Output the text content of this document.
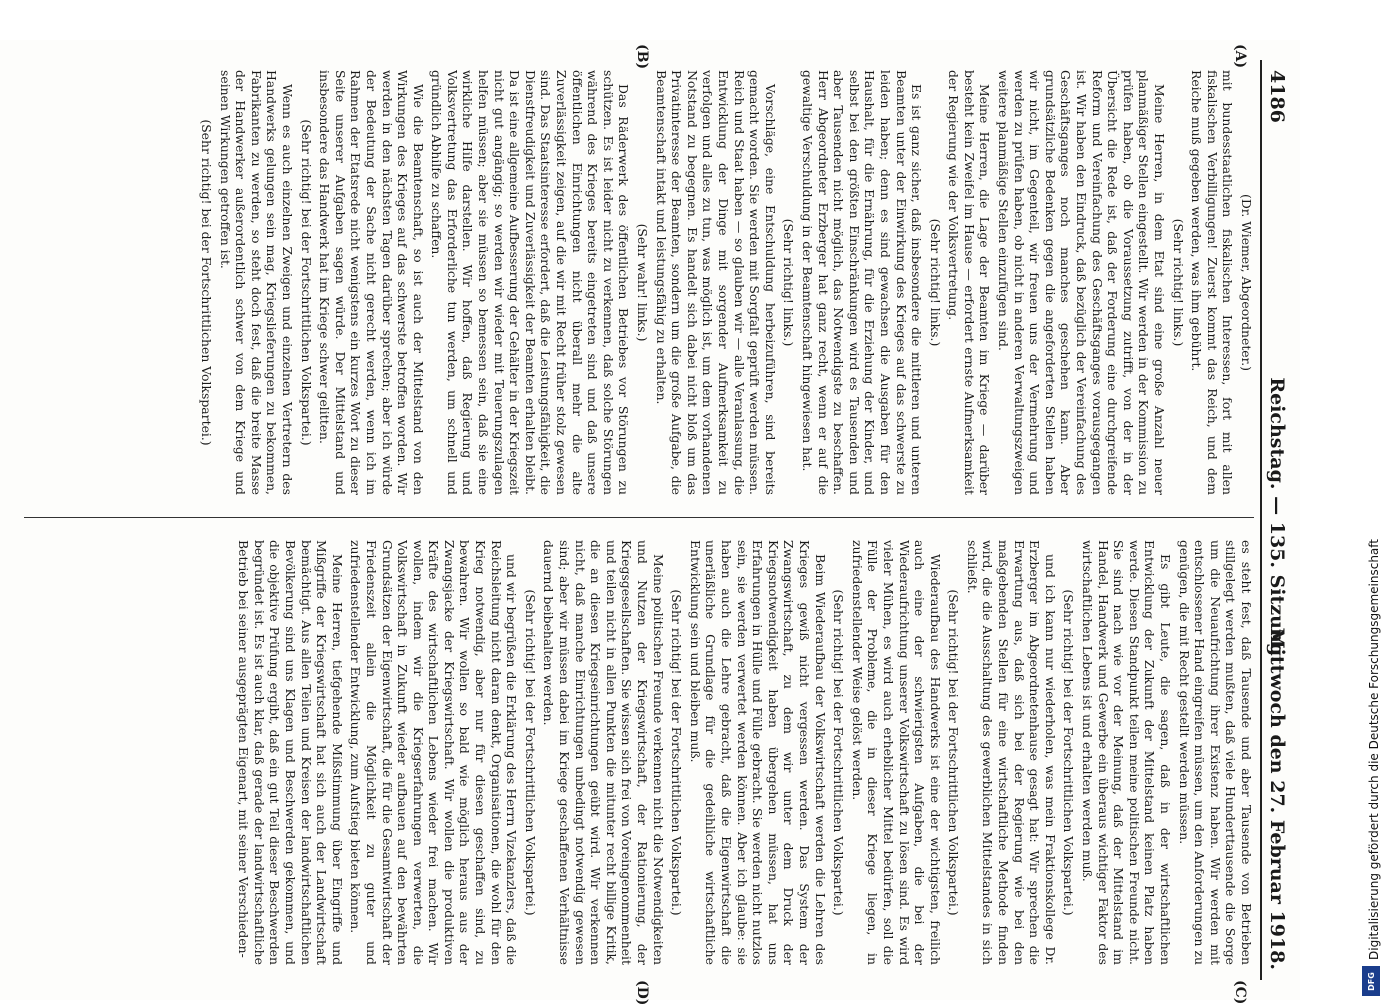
4186
Reichstag. — 135. Sitzung.
Mittwoch den 27. Februar 1918.
(A)
(B)
(C)
(D)

(Dr. Wiemer, Abgeordneter.)

mit bundesstaatlichen fiskalischen Interessen, fort mit allen fiskalischen Verbilligungen! Zuerst kommt das Reich, und dem Reiche muß gegeben werden, was ihm gebührt.

(Sehr richtig! links.)

Meine Herren, in dem Etat sind eine große Anzahl neuer planmäßiger Stellen eingestellt. Wir werden in der Kommission zu prüfen haben, ob die Voraussetzung zutrifft, von der in der Übersicht die Rede ist, daß der Forderung eine durchgreifende Reform und Vereinfachung des Geschäftsganges vorausgegangen ist. Wir haben den Eindruck, daß bezüglich der Vereinfachung des Geschäftsganges noch manches geschehen kann. Aber grundsätzliche Bedenken gegen die angeforderten Stellen haben wir nicht, im Gegenteil, wir freuen uns der Vermehrung und werden zu prüfen haben, ob nicht in anderen Verwaltungszweigen weitere planmäßige Stellen einzufügen sind.

Meine Herren, die Lage der Beamten im Kriege — darüber besteht kein Zweifel im Hause — erfordert ernste Aufmerksamkeit der Regierung wie der Volksvertretung.

(Sehr richtig! links.)

Es ist ganz sicher, daß insbesondere die mittleren und unteren Beamten unter der Einwirkung des Krieges auf das schwerste zu leiden haben; denn es sind gewachsen die Ausgaben für den Haushalt, für die Ernährung, für die Erziehung der Kinder, und selbst bei den größten Einschränkungen wird es Tausenden und aber Tausenden nicht möglich, das Notwendigste zu beschaffen. Herr Abgeordneter Erzberger hat ganz recht, wenn er auf die gewaltige Verschuldung in der Beamtenschaft hingewiesen hat.

(Sehr richtig! links.)

Vorschläge, eine Entschuldung herbeizuführen, sind bereits gemacht worden. Sie werden mit Sorgfalt geprüft werden müssen. Reich und Staat haben — so glauben wir — alle Veranlassung, die Entwicklung der Dinge mit sorgender Aufmerksamkeit zu verfolgen und alles zu tun, was möglich ist, um dem vorhandenen Notstand zu begegnen. Es handelt sich dabei nicht bloß um das Privatinteresse der Beamten, sondern um die große Aufgabe, die Beamtenschaft intakt und leistungsfähig zu erhalten.

(Sehr wahr! links.)

Das Räderwerk des öffentlichen Betriebes vor Störungen zu schützen. Es ist leider nicht zu verkennen, daß solche Störungen während des Krieges bereits eingetreten sind und daß unsere öffentlichen Einrichtungen nicht überall mehr die alte Zuverlässigkeit zeigen, auf die wir mit Recht früher stolz gewesen sind. Das Staatsinteresse erfordert, daß die Leistungsfähigkeit, die Dienstfreudigkeit und Zuverlässigkeit der Beamten erhalten bleibt. Da ist eine allgemeine Aufbesserung der Gehälter in der Kriegszeit nicht gut angängig; so werden wir wieder mit Teuerungszulagen helfen müssen; aber sie müssen so bemessen sein, daß sie eine wirkliche Hilfe darstellen. Wir hoffen, daß Regierung und Volksvertretung das Erforderliche tun werden, um schnell und gründlich Abhilfe zu schaffen.

Wie die Beamtenschaft, so ist auch der Mittelstand von den Wirkungen des Krieges auf das schwerste betroffen worden. Wir werden in den nächsten Tagen darüber sprechen; aber ich würde der Bedeutung der Sache nicht gerecht werden, wenn ich im Rahmen der Etatsrede nicht wenigstens ein kurzes Wort zu dieser Seite unserer Aufgaben sagen würde. Der Mittelstand und insbesondere das Handwerk hat im Kriege schwer gelitten.

(Sehr richtig! bei der Fortschrittlichen Volkspartei.)

Wenn es auch einzelnen Zweigen und einzelnen Vertretern des Handwerks gelungen sein mag, Kriegslieferungen zu bekommen, Fabrikanten zu werden, so steht doch fest, daß die breite Masse der Handwerker außerordentlich schwer von dem Kriege und seinen Wirkungen getroffen ist.

(Sehr richtig! bei der Fortschrittlichen Volkspartei.)

es steht fest, daß Tausende und aber Tausende von Betrieben stillgelegt werden mußten, daß viele Hunderttausende die Sorge um die Neuaufrichtung ihrer Existenz haben. Wir werden mit entschlossener Hand eingreifen müssen, um den Anforderungen zu genügen, die mit Recht gestellt werden müssen.

Es gibt Leute, die sagen, daß in der wirtschaftlichen Entwicklung der Zukunft der Mittelstand keinen Platz haben werde. Diesen Standpunkt teilen meine politischen Freunde nicht. Sie sind nach wie vor der Meinung, daß der Mittelstand im Handel, Handwerk und Gewerbe ein überaus wichtiger Faktor des wirtschaftlichen Lebens ist und erhalten werden muß.

(Sehr richtig! bei der Fortschrittlichen Volkspartei.)

und ich kann nur wiederholen, was mein Fraktionskollege Dr. Erzberger im Abgeordnetenhause gesagt hat: Wir sprechen die Erwartung aus, daß sich bei der Regierung wie bei den maßgebenden Stellen für eine wirtschaftliche Methode finden wird, die die Ausschaltung des gewerblichen Mittelstandes in sich schließt.

(Sehr richtig! bei der Fortschrittlichen Volkspartei.)

Wiederaufbau des Handwerks ist eine der wichtigsten, freilich auch eine der schwierigsten Aufgaben, die bei der Wiederaufrichtung unserer Volkswirtschaft zu lösen sind. Es wird vieler Mühen, es wird auch erheblicher Mittel bedürfen, soll die Fülle der Probleme, die in dieser Kriege liegen, in zufriedenstellender Weise gelöst werden.

(Sehr richtig! bei der Fortschrittlichen Volkspartei.)

Beim Wiederaufbau der Volkswirtschaft werden die Lehren des Krieges gewiß nicht vergessen werden. Das System der Zwangswirtschaft, zu dem wir unter dem Druck der Kriegsnotwendigkeit haben übergehen müssen, hat uns Erfahrungen in Hülle und Fülle gebracht. Sie werden nicht nutzlos sein, sie werden verwertet werden können. Aber ich glaube: sie haben auch die Lehre gebracht, daß die Eigenwirtschaft die unerläßliche Grundlage für die gedeihliche wirtschaftliche Entwicklung sein und bleiben muß.

(Sehr richtig! bei der Fortschrittlichen Volkspartei.)

Meine politischen Freunde verkennen nicht die Notwendigkeiten und Nutzen der Kriegswirtschaft, der Rationierung, der Kriegsgesellschaften. Sie wissen sich frei von Voreingenommenheit und teilen nicht in allen Punkten die mitunter recht billige Kritik, die an diesen Kriegseinrichtungen geübt wird. Wir verkennen nicht, daß manche Einrichtungen unbedingt notwendig gewesen sind; aber wir müssen dabei im Kriege geschaffenen Verhältnisse dauernd beibehalten werden.

(Sehr richtig! bei der Fortschrittlichen Volkspartei.)

und wir begrüßen die Erklärung des Herrn Vizekanzlers, daß die Reichsleitung nicht daran denkt, Organisationen, die wohl für den Krieg notwendig, aber nur für diesen geschaffen sind, zu bewahren. Wir wollen so bald wie möglich heraus aus der Zwangsjacke der Kriegswirtschaft. Wir wollen die produktiven Kräfte des wirtschaftlichen Lebens wieder frei machen. Wir wollen, indem wir die Kriegserfahrungen verwerten, die Volkswirtschaft in Zukunft wieder aufbauen auf den bewährten Grundsätzen der Eigenwirtschaft, die für die Gesamtwirtschaft der Friedenszeit allein die Möglichkeit zu guter und zufriedenstellender Entwicklung, zum Aufstieg bieten können.

Meine Herren, tiefgehende Mißstimmung über Eingriffe und Mißgriffe der Kriegswirtschaft hat sich auch der Landwirtschaft bemächtigt. Aus allen Teilen und Kreisen der landwirtschaftlichen Bevölkerung sind uns Klagen und Beschwerden gekommen, und die objektive Prüfung ergibt, daß ein gut Teil dieser Beschwerden begründet ist. Es ist auch klar, daß gerade der landwirtschaftliche Betrieb bei seiner ausgeprägten Eigenart, mit seiner Verschieden-	Digitalisierung gefördert durch die Deutsche Forschungsgemeinschaft
DFG
